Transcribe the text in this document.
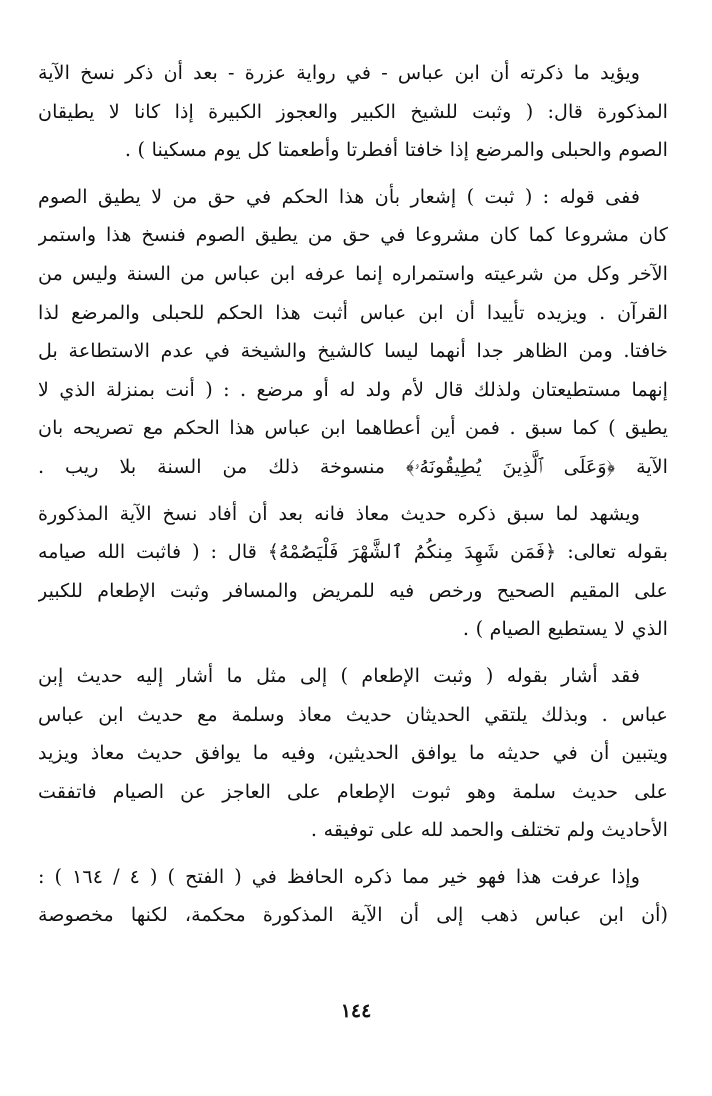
ويؤيد ما ذكرته أن ابن عباس - في رواية عزرة - بعد أن ذكر نسخ الآية
المذكورة قال: ( وثبت للشيخ الكبير والعجوز الكبيرة إذا كانا لا يطيقان
الصوم والحبلى والمرضع إذا خافتا أفطرتا وأطعمتا كل يوم مسكينا ) .
ففى قوله : ( ثبت ) إشعار بأن هذا الحكم في حق من لا يطيق الصوم
كان مشروعا كما كان مشروعا في حق من يطيق الصوم فنسخ هذا واستمر
الآخر وكل من شرعيته واستمراره إنما عرفه ابن عباس من السنة وليس من
القرآن . ويزيده تأييدا أن ابن عباس أثبت هذا الحكم للحبلى والمرضع لذا
خافتا. ومن الظاهر جدا أنهما ليسا كالشيخ والشيخة في عدم الاستطاعة بل
إنهما مستطيعتان ولذلك قال لأم ولد له أو مرضع . : ( أنت بمنزلة الذي لا
يطيق ) كما سبق . فمن أين أعطاهما ابن عباس هذا الحكم مع تصريحه بان
الآية ﴿وَعَلَى ٱلَّذِينَ يُطِيقُونَهُۥ﴾ منسوخة ذلك من السنة بلا ريب .
ويشهد لما سبق ذكره حديث معاذ فانه بعد أن أفاد نسخ الآية المذكورة
بقوله تعالى: ﴿فَمَن شَهِدَ مِنكُمُ ٱلشَّهْرَ فَلْيَصُمْهُ﴾ قال : ( فاثبت الله صيامه
على المقيم الصحيح ورخص فيه للمريض والمسافر وثبت الإطعام للكبير
الذي لا يستطيع الصيام ) .
فقد أشار بقوله ( وثبت الإطعام ) إلى مثل ما أشار إليه حديث إبن
عباس . وبذلك يلتقي الحديثان حديث معاذ وسلمة مع حديث ابن عباس
ويتبين أن في حديثه ما يوافق الحديثين، وفيه ما يوافق حديث معاذ ويزيد
على حديث سلمة وهو ثبوت الإطعام على العاجز عن الصيام فاتفقت
الأحاديث ولم تختلف والحمد لله على توفيقه .
وإذا عرفت هذا فهو خير مما ذكره الحافظ في ( الفتح ) ( ٤ / ١٦٤ ) :
(أن ابن عباس ذهب إلى أن الآية المذكورة محكمة، لكنها مخصوصة
١٤٤
